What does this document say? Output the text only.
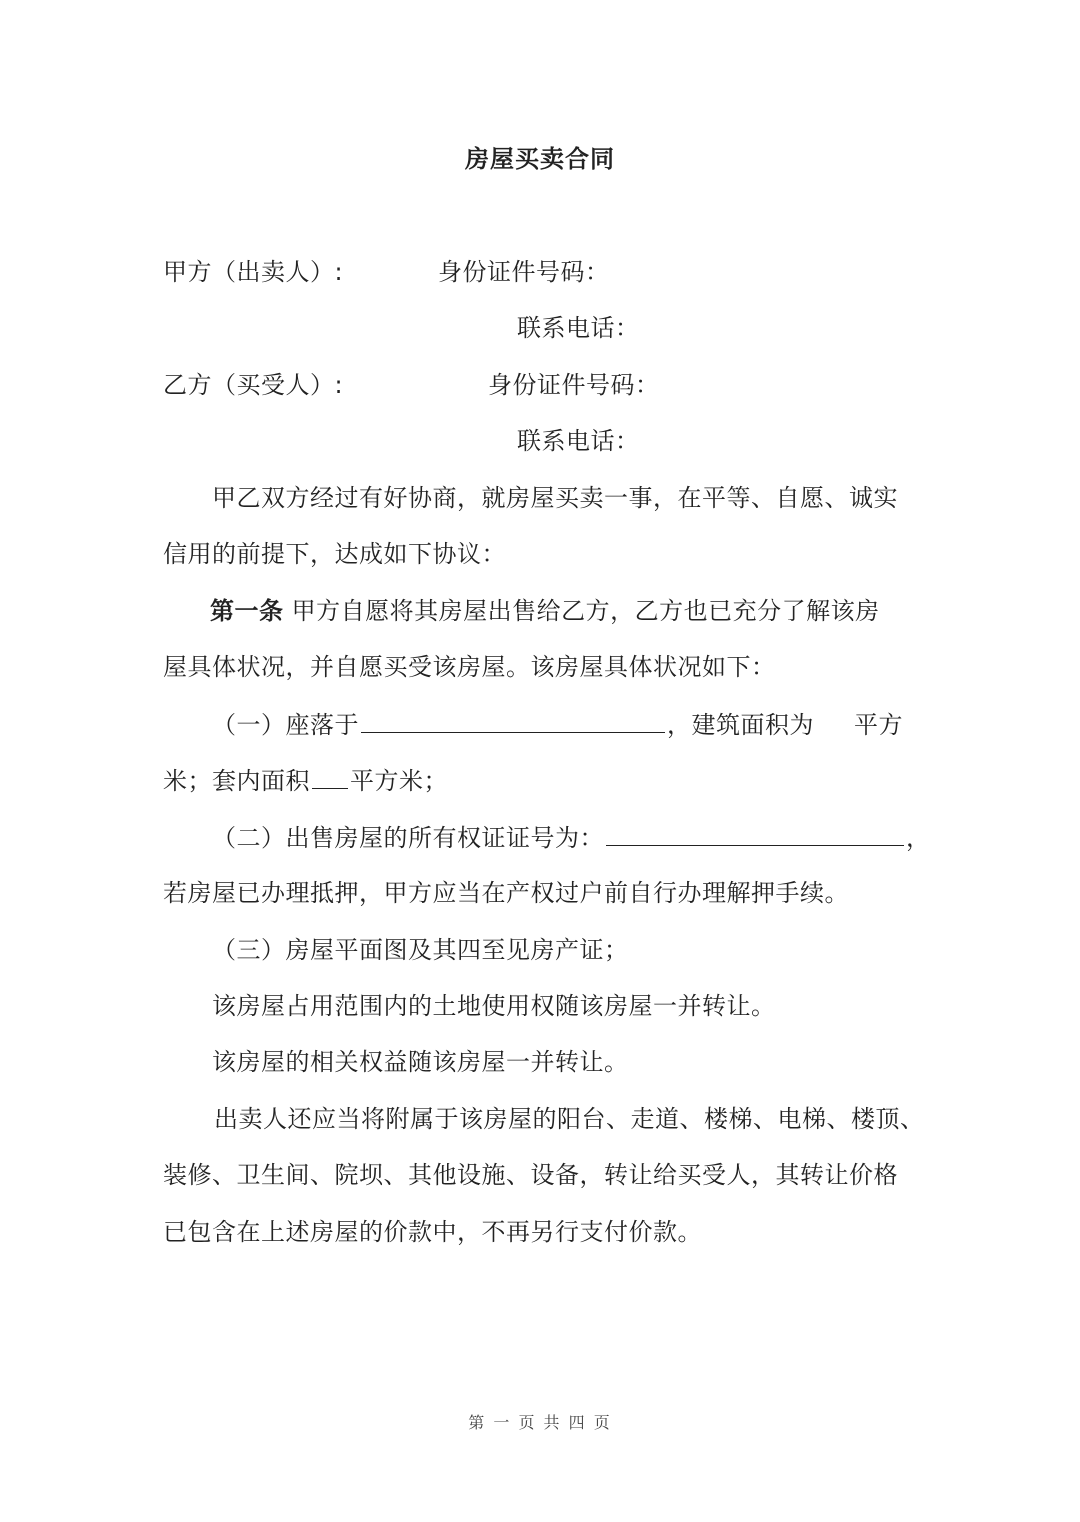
房屋买卖合同
甲方（出卖人）:	身份证件号码：
联系电话：
乙方（买受人）:	身份证件号码：
联系电话：
甲乙双方经过有好协商，就房屋买卖一事，在平等、自愿、诚实
信用的前提下，达成如下协议：
第一条 甲方自愿将其房屋出售给乙方，乙方也已充分了解该房
屋具体状况，并自愿买受该房屋。该房屋具体状况如下：
（一）座落于	，建筑面积为 平方
米；套内面积 平方米；
（二）出售房屋的所有权证证号为：	，
若房屋已办理抵押，甲方应当在产权过户前自行办理解押手续。
（三）房屋平面图及其四至见房产证；
该房屋占用范围内的土地使用权随该房屋一并转让。
该房屋的相关权益随该房屋一并转让。
出卖人还应当将附属于该房屋的阳台、走道、楼梯、电梯、楼顶、
装修、卫生间、院坝、其他设施、设备，转让给买受人，其转让价格
已包含在上述房屋的价款中，不再另行支付价款。
第 一 页 共 四 页
